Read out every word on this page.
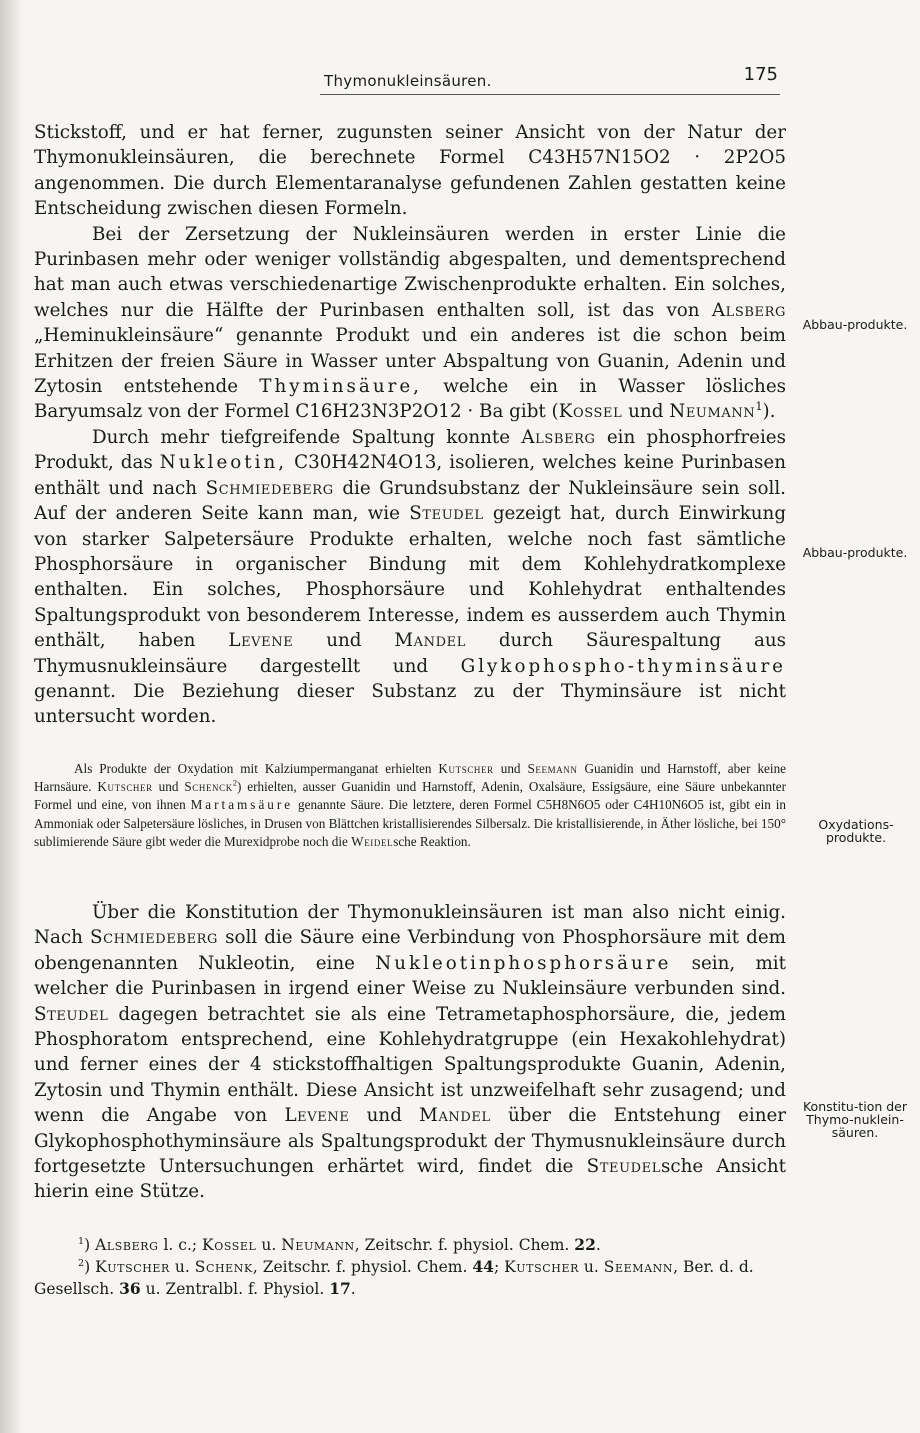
Thymonukleinsäuren.	175

Stickstoff, und er hat ferner, zugunsten seiner Ansicht von der Natur der Thymonukleinsäuren, die berechnete Formel C43H57N15O2 · 2P2O5 angenommen. Die durch Elementaranalyse gefundenen Zahlen gestatten keine Entscheidung zwischen diesen Formeln.

Bei der Zersetzung der Nukleinsäuren werden in erster Linie die Purinbasen mehr oder weniger vollständig abgespalten, und dementsprechend hat man auch etwas verschiedenartige Zwischenprodukte erhalten. Ein solches, welches nur die Hälfte der Purinbasen enthalten soll, ist das von Alsberg „Heminukleinsäure“ genannte Produkt und ein anderes ist die schon beim Erhitzen der freien Säure in Wasser unter Abspaltung von Guanin, Adenin und Zytosin entstehende Thyminsäure, welche ein in Wasser lösliches Baryumsalz von der Formel C16H23N3P2O12 · Ba gibt (Kossel und Neumann$^1$).

Durch mehr tiefgreifende Spaltung konnte Alsberg ein phosphorfreies Produkt, das Nukleotin, C30H42N4O13, isolieren, welches keine Purinbasen enthält und nach Schmiedeberg die Grundsubstanz der Nukleinsäure sein soll. Auf der anderen Seite kann man, wie Steudel gezeigt hat, durch Einwirkung von starker Salpetersäure Produkte erhalten, welche noch fast sämtliche Phosphorsäure in organischer Bindung mit dem Kohlehydratkomplexe enthalten. Ein solches, Phosphorsäure und Kohlehydrat enthaltendes Spaltungsprodukt von besonderem Interesse, indem es ausserdem auch Thymin enthält, haben Levene und Mandel durch Säurespaltung aus Thymusnukleinsäure dargestellt und Glykophospho-thyminsäure genannt. Die Beziehung dieser Substanz zu der Thyminsäure ist nicht untersucht worden.

Als Produkte der Oxydation mit Kalziumpermanganat erhielten Kutscher und Seemann Guanidin und Harnstoff, aber keine Harnsäure. Kutscher und Schenck$^2$) erhielten, ausser Guanidin und Harnstoff, Adenin, Oxalsäure, Essigsäure, eine Säure unbekannter Formel und eine, von ihnen Martamsäure genannte Säure. Die letztere, deren Formel C5H8N6O5 oder C4H10N6O5 ist, gibt ein in Ammoniak oder Salpetersäure lösliches, in Drusen von Blättchen kristallisierendes Silbersalz. Die kristallisierende, in Äther lösliche, bei 150° sublimierende Säure gibt weder die Murexidprobe noch die Weidelsche Reaktion.

Über die Konstitution der Thymonukleinsäuren ist man also nicht einig. Nach Schmiedeberg soll die Säure eine Verbindung von Phosphorsäure mit dem obengenannten Nukleotin, eine Nukleotinphosphorsäure sein, mit welcher die Purinbasen in irgend einer Weise zu Nukleinsäure verbunden sind. Steudel dagegen betrachtet sie als eine Tetrametaphosphorsäure, die, jedem Phosphoratom entsprechend, eine Kohlehydratgruppe (ein Hexakohlehydrat) und ferner eines der 4 stickstoffhaltigen Spaltungsprodukte Guanin, Adenin, Zytosin und Thymin enthält. Diese Ansicht ist unzweifelhaft sehr zusagend; und wenn die Angabe von Levene und Mandel über die Entstehung einer Glykophosphothyminsäure als Spaltungsprodukt der Thymusnukleinsäure durch fortgesetzte Untersuchungen erhärtet wird, findet die Steudelsche Ansicht hierin eine Stütze.

$^1$) Alsberg l. c.; Kossel u. Neumann, Zeitschr. f. physiol. Chem. 22.

$^2$) Kutscher u. Schenk, Zeitschr. f. physiol. Chem. 44; Kutscher u. Seemann, Ber. d. d. Gesellsch. 36 u. Zentralbl. f. Physiol. 17.

Abbau-produkte.
Abbau-produkte.
Oxydations-produkte.
Konstitu-tion der Thymo-nuklein-säuren.
